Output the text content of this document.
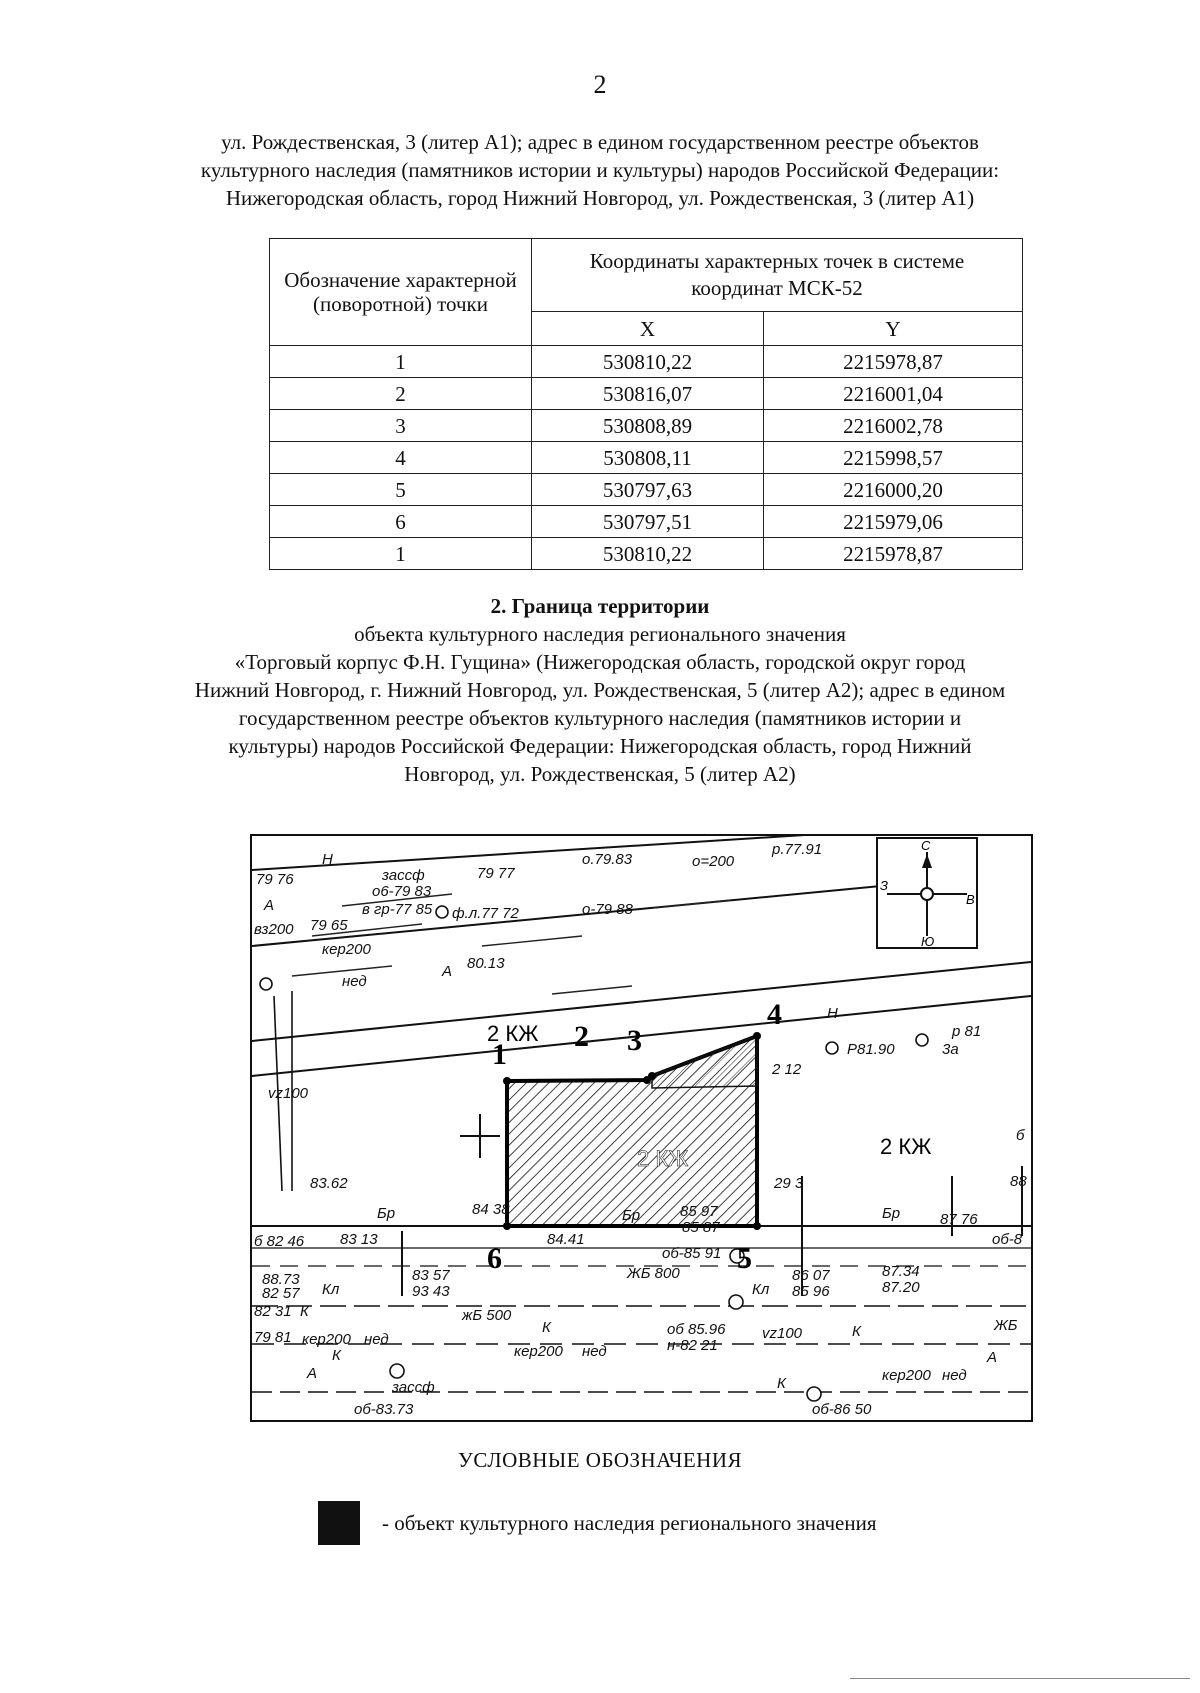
2

ул. Рождественская, 3 (литер А1); адрес в едином государственном реестре объектов

культурного наследия (памятников истории и культуры) народов Российской Федерации:

Нижегородская область, город Нижний Новгород, ул. Рождественская, 3 (литер А1)

Обозначение характерной (поворотной) точки	Координаты характерных точек в системе координат МСК-52	
	X	Y
1	530810,22	2215978,87
2	530816,07	2216001,04
3	530808,89	2216002,78
4	530808,11	2215998,57
5	530797,63	2216000,20
6	530797,51	2215979,06
1	530810,22	2215978,87
2. Граница территории

объекта культурного наследия регионального значения

«Торговый корпус Ф.Н. Гущина» (Нижегородская область, городской округ город

Нижний Новгород, г. Нижний Новгород, ул. Рождественская, 5 (литер А2); адрес в едином

государственном реестре объектов культурного наследия (памятников истории и

культуры) народов Российской Федерации: Нижегородская область, город Нижний

Новгород, ул. Рождественская, 5 (литер А2)

1
2 3
4
5
6
2 КЖ
2 КЖ
2 КЖ
С
Ю
З
В
79 76
А
вз200 79 65
в гр-77 85
кер200
ф.л.77 72
о6-79 83
зассф
нед
А 80.13
о-79 88
о=200
79 77
р.77.91
Н	о.79.83
vz100
Н
Р81.90	3а
р 81
2 12
83.62
Бр	Бр	Бр
84 38
84.41
85 97
85 87
29 3
б 82 46 83 13
об-85 91
83 57
93 43
88.73
82 57 Кл
ЖБ 800
Кл
86 07
85 96
87.34
87.20
82 31 К	жБ 500
К	об 85.96
н-82 21
vz100	К	ЖБ
79 81 кер200 нед
кер200 нед
К
А
зассф
об-83.73
К
об-86 50
кер200 нед
А
87 76
об-8
88
б
УСЛОВНЫЕ ОБОЗНАЧЕНИЯ
- объект культурного наследия регионального значения
